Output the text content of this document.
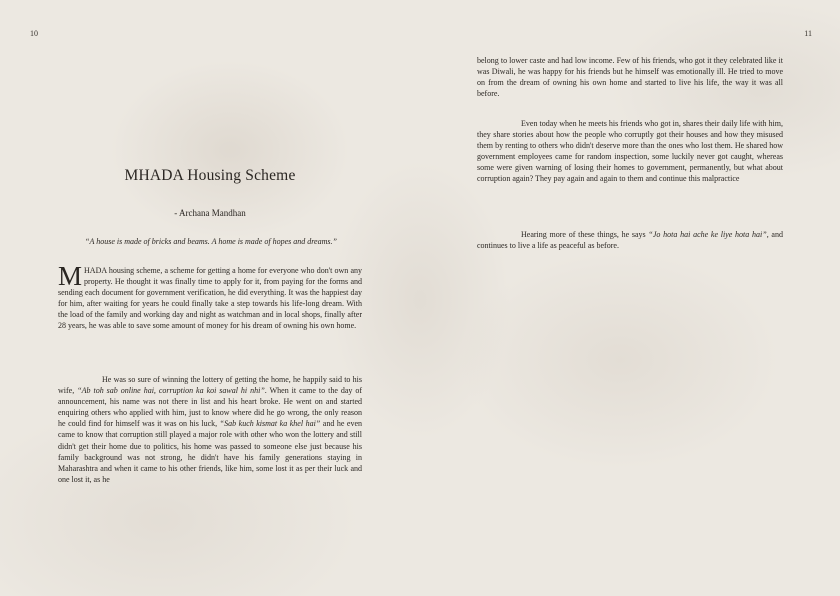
10
MHADA Housing Scheme
- Archana Mandhan
“A house is made of bricks and beams. A home is made of hopes and dreams.”

MHADA housing scheme, a scheme for getting a home for everyone who don't own any property. He thought it was finally time to apply for it, from paying for the forms and sending each document for government verification, he did everything. It was the happiest day for him, after waiting for years he could finally take a step towards his life-long dream. With the load of the family and working day and night as watchman and in local shops, finally after 28 years, he was able to save some amount of money for his dream of owning his own home.

He was so sure of winning the lottery of getting the home, he happily said to his wife, “Ab toh sab online hai, corruption ka koi sawal hi nhi”. When it came to the day of announcement, his name was not there in list and his heart broke. He went on and started enquiring others who applied with him, just to know where did he go wrong, the only reason he could find for himself was it was on his luck, “Sab kuch kismat ka khel hai” and he even came to know that corruption still played a major role with other who won the lottery and still didn't get their home due to politics, his home was passed to someone else just because his family background was not strong, he didn't have his family generations staying in Maharashtra and when it came to his other friends, like him, some lost it as per their luck and one lost it, as he

11

belong to lower caste and had low income. Few of his friends, who got it they celebrated like it was Diwali, he was happy for his friends but he himself was emotionally ill. He tried to move on from the dream of owning his own home and started to live his life, the way it was all before.

Even today when he meets his friends who got in, shares their daily life with him, they share stories about how the people who corruptly got their houses and how they misused them by renting to others who didn't deserve more than the ones who lost them. He shared how government employees came for random inspection, some luckily never got caught, whereas some were given warning of losing their homes to government, permanently, but what about corruption again? They pay again and again to them and continue this malpractice

Hearing more of these things, he says “Jo hota hai ache ke liye hota hai”, and continues to live a life as peaceful as before.
